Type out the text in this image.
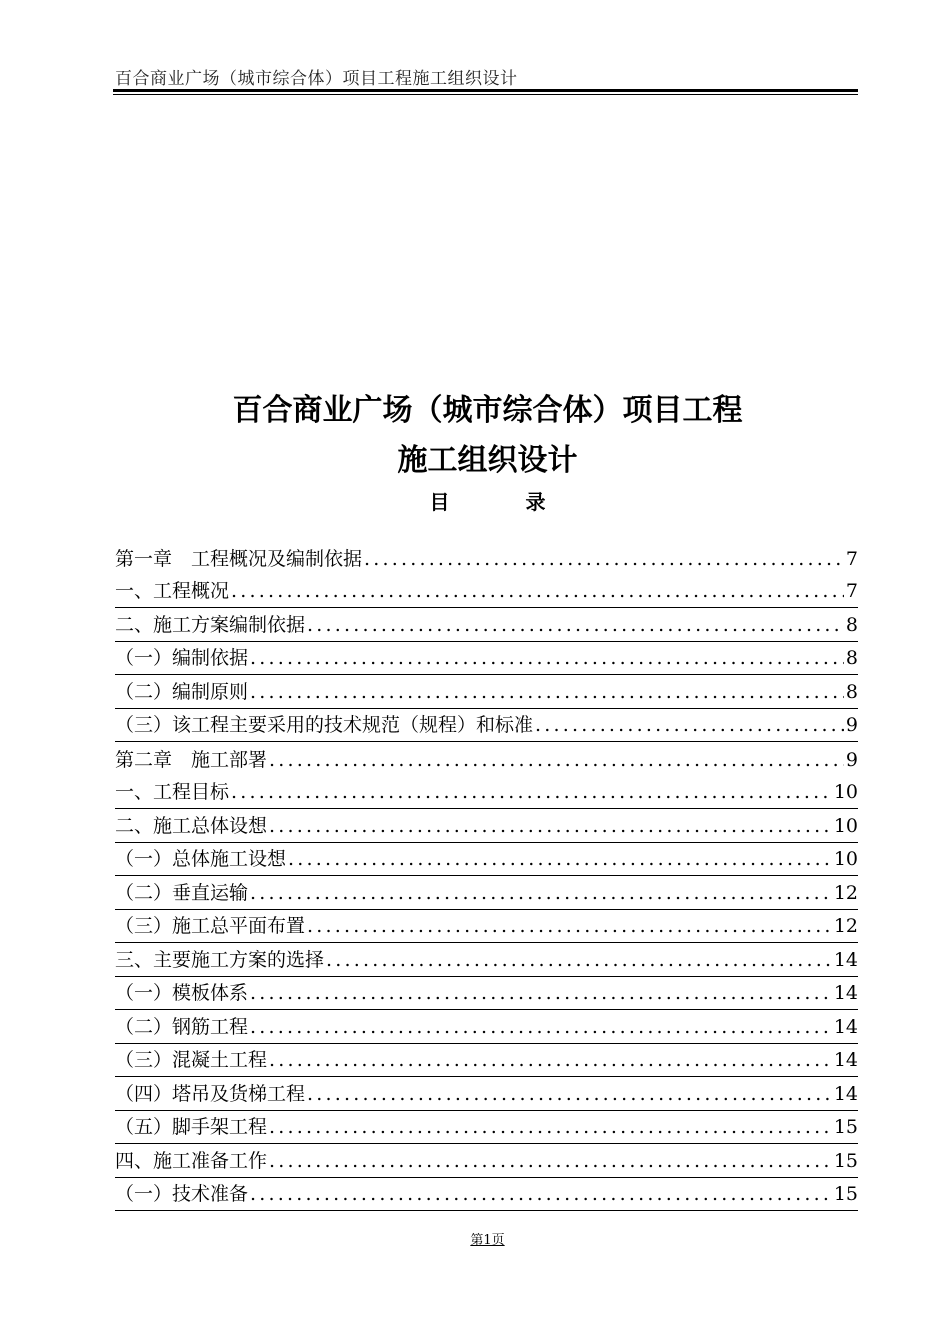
百合商业广场（城市综合体）项目工程施工组织设计
百合商业广场（城市综合体）项目工程
施工组织设计
目	录
第一章　工程概况及编制依据 .....	7
一、工程概况 .....	7
二、施工方案编制依据 .....	8
（一）编制依据 .....	8
（二）编制原则 .....	8
（三）该工程主要采用的技术规范（规程）和标准 .....	9
第二章　施工部署 .....	9
一、工程目标 .....	10
二、施工总体设想 .....	10
（一）总体施工设想 .....	10
（二）垂直运输 .....	12
（三）施工总平面布置 .....	12
三、主要施工方案的选择 .....	14
（一）模板体系 .....	14
（二）钢筋工程 .....	14
（三）混凝土工程 .....	14
（四）塔吊及货梯工程 .....	14
（五）脚手架工程 .....	15
四、施工准备工作 .....	15
（一）技术准备 .....	15
第1页
